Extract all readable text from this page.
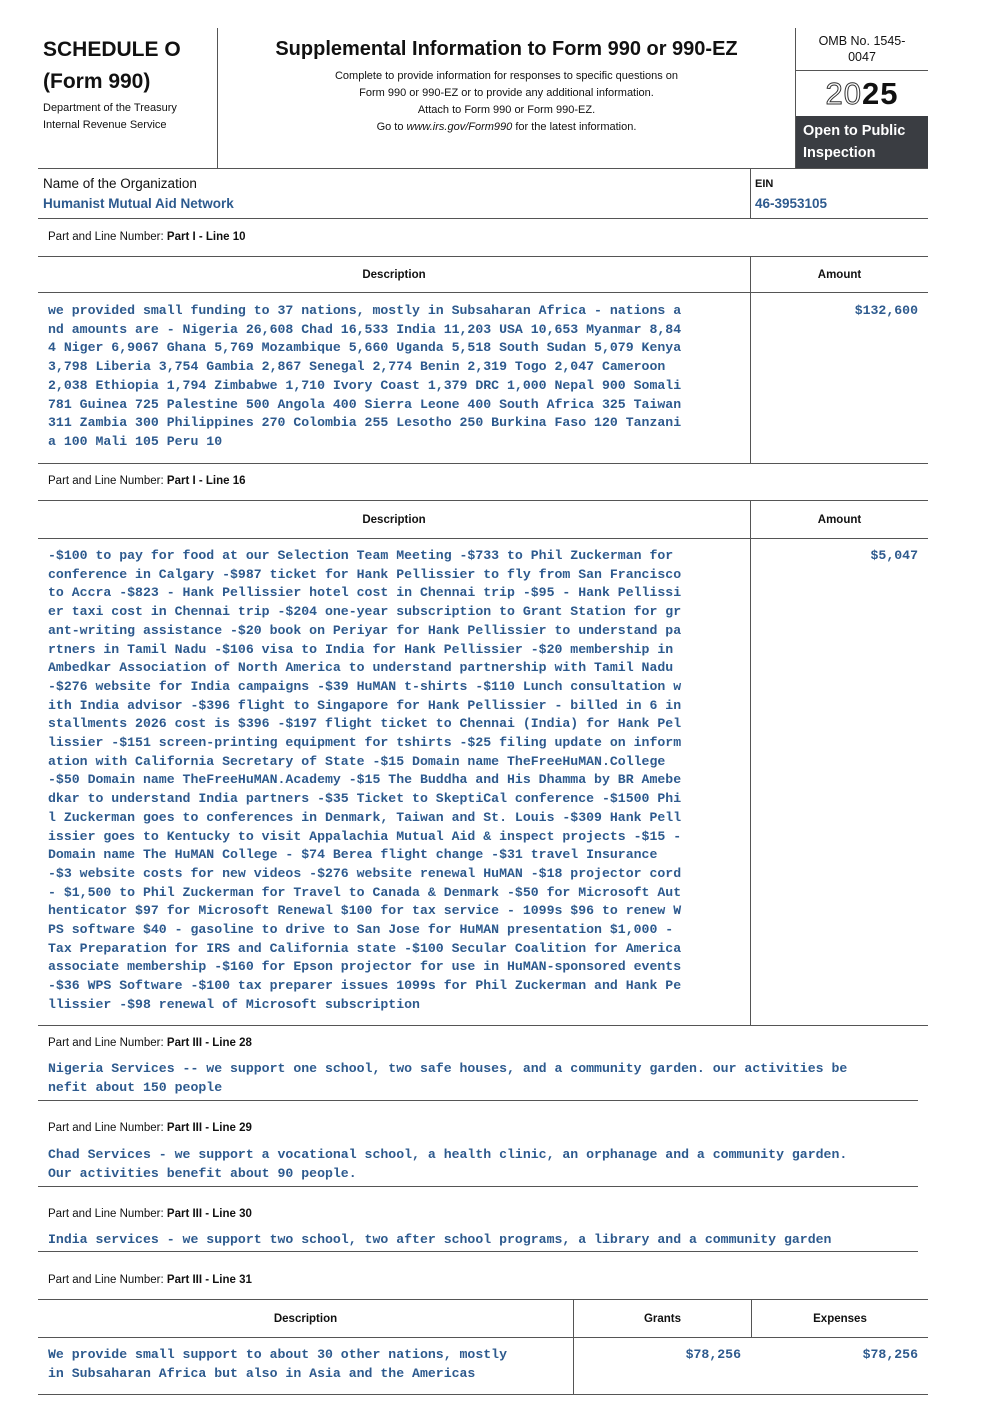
SCHEDULE O
(Form 990)
Department of the Treasury
Internal Revenue Service
Supplemental Information to Form 990 or 990-EZ
Complete to provide information for responses to specific questions on
Form 990 or 990-EZ or to provide any additional information.
Attach to Form 990 or Form 990-EZ.
Go to www.irs.gov/Form990 for the latest information.
OMB No. 1545-
0047
2025
Open to Public
Inspection
Name of the Organization
Humanist Mutual Aid Network
EIN
46-3953105
Part and Line Number: Part I - Line 10
Description	Amount
we provided small funding to 37 nations, mostly in Subsaharan Africa - nations a
nd amounts are - Nigeria 26,608 Chad 16,533 India 11,203 USA 10,653 Myanmar 8,84
4 Niger 6,9067 Ghana 5,769 Mozambique 5,660 Uganda 5,518 South Sudan 5,079 Kenya
3,798 Liberia 3,754 Gambia 2,867 Senegal 2,774 Benin 2,319 Togo 2,047 Cameroon
2,038 Ethiopia 1,794 Zimbabwe 1,710 Ivory Coast 1,379 DRC 1,000 Nepal 900 Somali
781 Guinea 725 Palestine 500 Angola 400 Sierra Leone 400 South Africa 325 Taiwan
311 Zambia 300 Philippines 270 Colombia 255 Lesotho 250 Burkina Faso 120 Tanzani
a 100 Mali 105 Peru 10
$132,600
Part and Line Number: Part I - Line 16
Description	Amount
-$100 to pay for food at our Selection Team Meeting -$733 to Phil Zuckerman for
conference in Calgary -$987 ticket for Hank Pellissier to fly from San Francisco
to Accra -$823 - Hank Pellissier hotel cost in Chennai trip -$95 - Hank Pellissi
er taxi cost in Chennai trip -$204 one-year subscription to Grant Station for gr
ant-writing assistance -$20 book on Periyar for Hank Pellissier to understand pa
rtners in Tamil Nadu -$106 visa to India for Hank Pellissier -$20 membership in
Ambedkar Association of North America to understand partnership with Tamil Nadu
-$276 website for India campaigns -$39 HuMAN t-shirts -$110 Lunch consultation w
ith India advisor -$396 flight to Singapore for Hank Pellissier - billed in 6 in
stallments 2026 cost is $396 -$197 flight ticket to Chennai (India) for Hank Pel
lissier -$151 screen-printing equipment for tshirts -$25 filing update on inform
ation with California Secretary of State -$15 Domain name TheFreeHuMAN.College
-$50 Domain name TheFreeHuMAN.Academy -$15 The Buddha and His Dhamma by BR Amebe
dkar to understand India partners -$35 Ticket to SkeptiCal conference -$1500 Phi
l Zuckerman goes to conferences in Denmark, Taiwan and St. Louis -$309 Hank Pell
issier goes to Kentucky to visit Appalachia Mutual Aid & inspect projects -$15 -
Domain name The HuMAN College - $74 Berea flight change -$31 travel Insurance
-$3 website costs for new videos -$276 website renewal HuMAN -$18 projector cord
- $1,500 to Phil Zuckerman for Travel to Canada & Denmark -$50 for Microsoft Aut
henticator $97 for Microsoft Renewal $100 for tax service - 1099s $96 to renew W
PS software $40 - gasoline to drive to San Jose for HuMAN presentation $1,000 -
Tax Preparation for IRS and California state -$100 Secular Coalition for America
associate membership -$160 for Epson projector for use in HuMAN-sponsored events
-$36 WPS Software -$100 tax preparer issues 1099s for Phil Zuckerman and Hank Pe
llissier -$98 renewal of Microsoft subscription
$5,047
Part and Line Number: Part III - Line 28
Nigeria Services -- we support one school, two safe houses, and a community garden. our activities be
nefit about 150 people
Part and Line Number: Part III - Line 29
Chad Services - we support a vocational school, a health clinic, an orphanage and a community garden.
Our activities benefit about 90 people.
Part and Line Number: Part III - Line 30
India services - we support two school, two after school programs, a library and a community garden
Part and Line Number: Part III - Line 31
Description	Grants	Expenses
We provide small support to about 30 other nations, mostly
in Subsaharan Africa but also in Asia and the Americas
$78,256	$78,256
